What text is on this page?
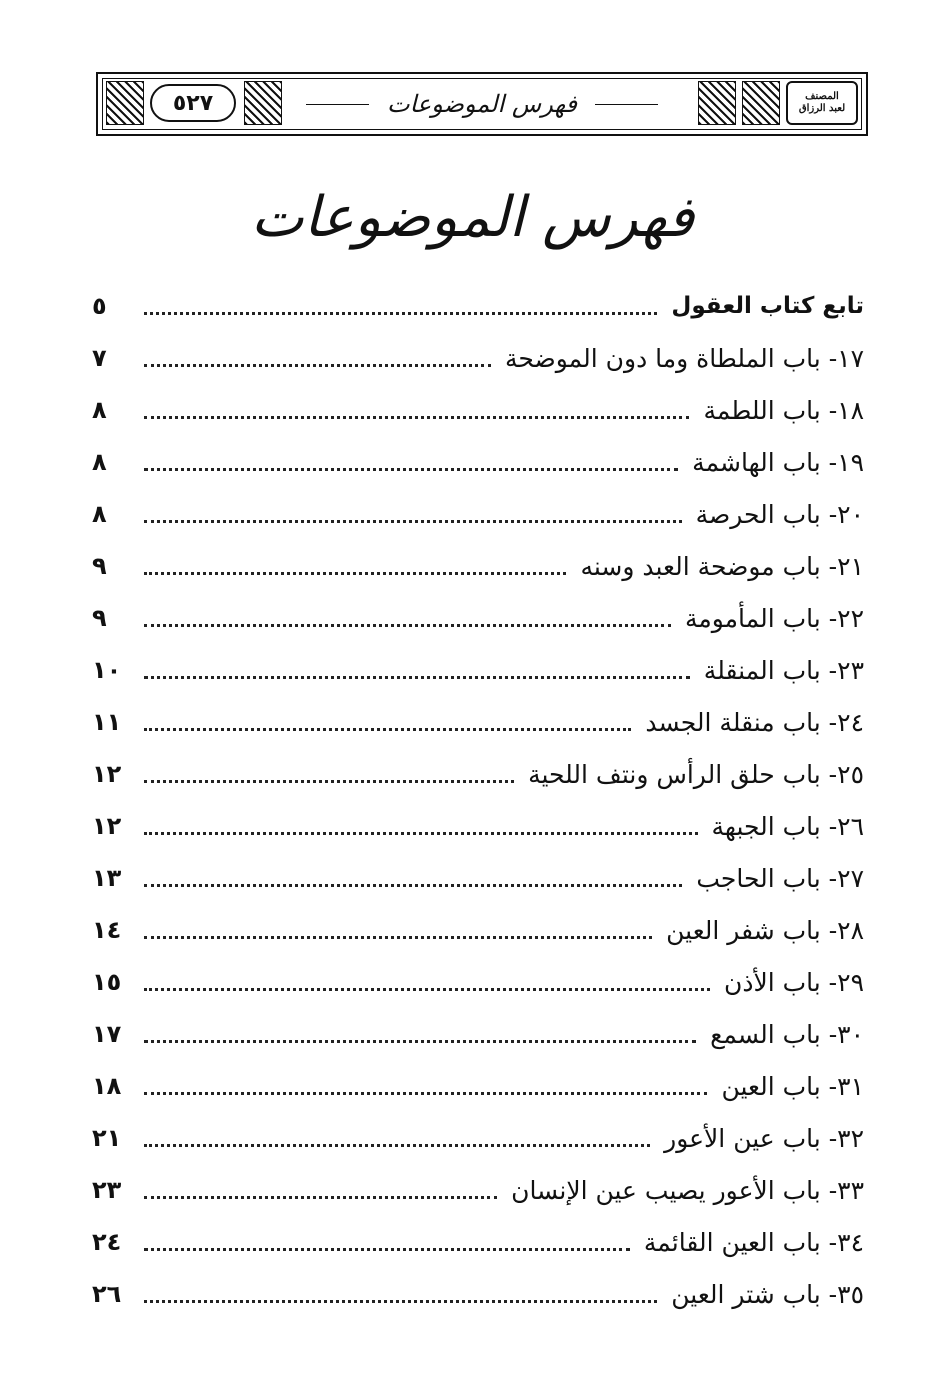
٥٢٧	فهرس الموضوعات	المصنف
لعبد الرزاق
فهرس الموضوعات
تابع كتاب العقول
٥
١٧- باب الملطاة وما دون الموضحة
٧
١٨- باب اللطمة
٨
١٩- باب الهاشمة
٨
٢٠- باب الحرصة
٨
٢١- باب موضحة العبد وسنه
٩
٢٢- باب المأمومة
٩
٢٣- باب المنقلة
١٠
٢٤- باب منقلة الجسد
١١
٢٥- باب حلق الرأس ونتف اللحية
١٢
٢٦- باب الجبهة
١٢
٢٧- باب الحاجب
١٣
٢٨- باب شفر العين
١٤
٢٩- باب الأذن
١٥
٣٠- باب السمع
١٧
٣١- باب العين
١٨
٣٢- باب عين الأعور
٢١
٣٣- باب الأعور يصيب عين الإنسان
٢٣
٣٤- باب العين القائمة
٢٤
٣٥- باب شتر العين
٢٦
